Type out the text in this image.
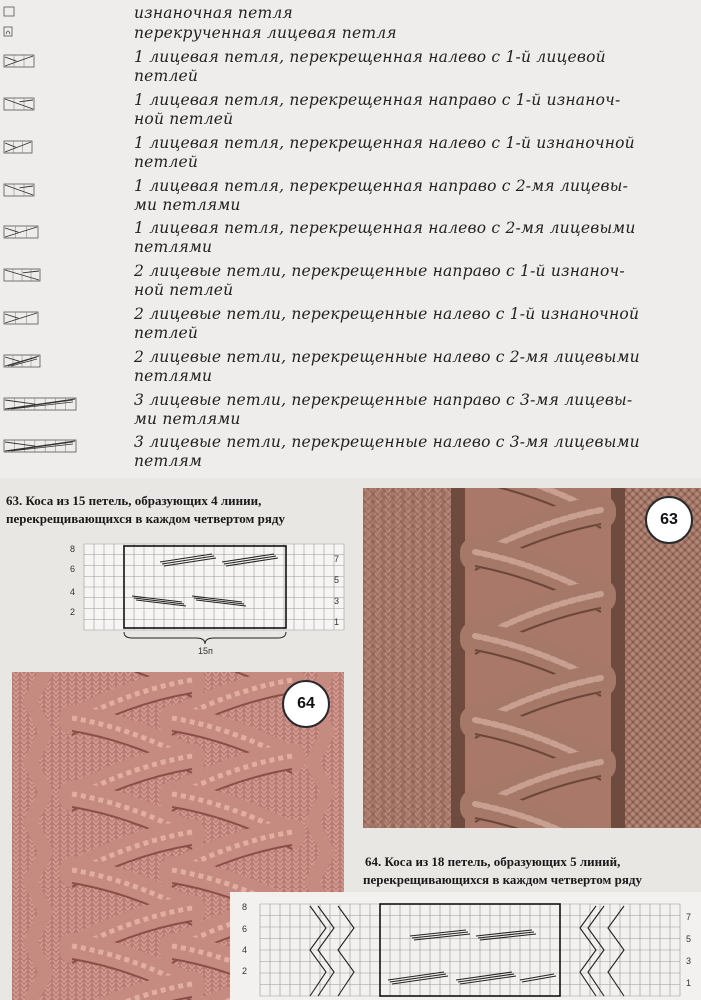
изнаночная петля
перекрученная лицевая петля
1 лицевая петля, перекрещенная налево с 1-й лицевой
петлей
1 лицевая петля, перекрещенная направо с 1-й изнаноч-
ной петлей
1 лицевая петля, перекрещенная налево с 1-й изнаночной
петлей
1 лицевая петля, перекрещенная направо с 2-мя лицевы-
ми петлями
1 лицевая петля, перекрещенная налево с 2-мя лицевыми
петлями
2 лицевые петли, перекрещенные направо с 1-й изнаноч-
ной петлей
2 лицевые петли, перекрещенные налево с 1-й изнаночной
петлей
2 лицевые петли, перекрещенные налево с 2-мя лицевыми
петлями
3 лицевые петли, перекрещенные направо с 3-мя лицевы-
ми петлями
3 лицевые петли, перекрещенные налево с 3-мя лицевыми
петлям
63. Коса из 15 петель, образующих 4 линии,
перекрещивающихся в каждом четвертом ряду
8
6
4
2
7
5
3
1
15п
63
64
64. Коса из 18 петель, образующих 5 линий,
перекрещивающихся в каждом четвертом ряду
8
6
4
2
7
5
3
1
